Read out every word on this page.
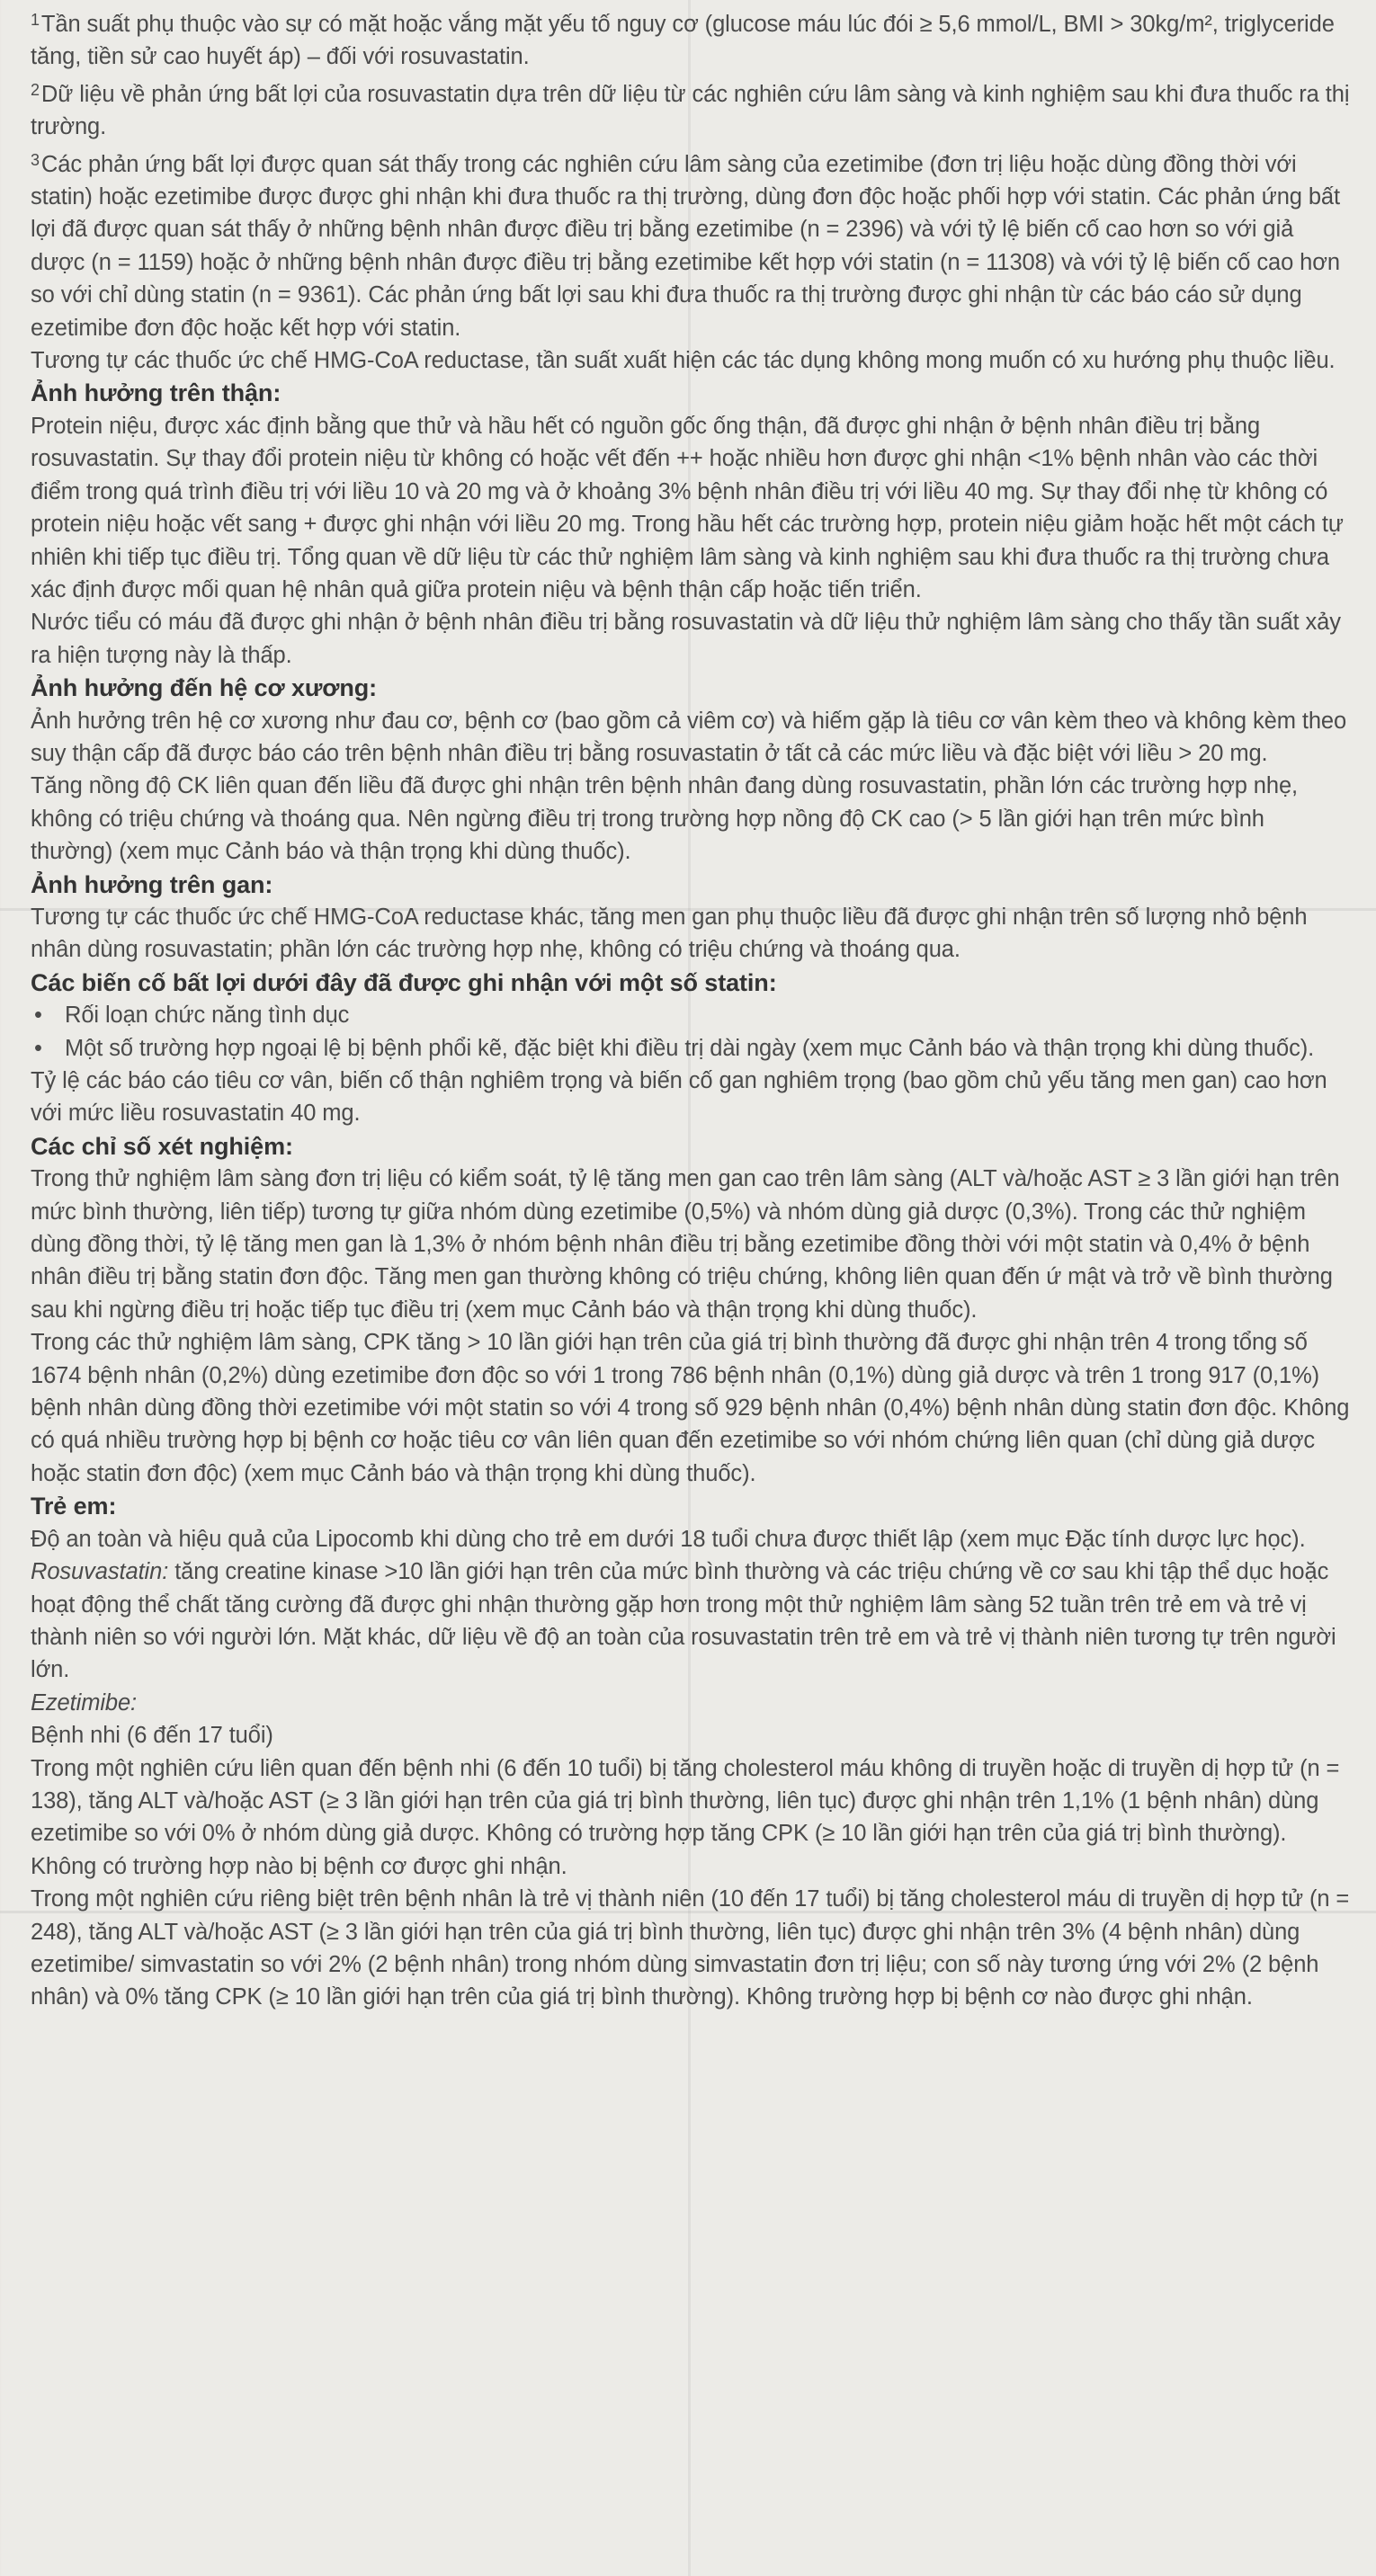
$^1$Tần suất phụ thuộc vào sự có mặt hoặc vắng mặt yếu tố nguy cơ (glucose máu lúc đói ≥ 5,6 mmol/L, BMI > 30kg/m², triglyceride tăng, tiền sử cao huyết áp) – đối với rosuvastatin.

$^2$Dữ liệu về phản ứng bất lợi của rosuvastatin dựa trên dữ liệu từ các nghiên cứu lâm sàng và kinh nghiệm sau khi đưa thuốc ra thị trường.

$^3$Các phản ứng bất lợi được quan sát thấy trong các nghiên cứu lâm sàng của ezetimibe (đơn trị liệu hoặc dùng đồng thời với statin) hoặc ezetimibe được được ghi nhận khi đưa thuốc ra thị trường, dùng đơn độc hoặc phối hợp với statin. Các phản ứng bất lợi đã được quan sát thấy ở những bệnh nhân được điều trị bằng ezetimibe (n = 2396) và với tỷ lệ biến cố cao hơn so với giả dược (n = 1159) hoặc ở những bệnh nhân được điều trị bằng ezetimibe kết hợp với statin (n = 11308) và với tỷ lệ biến cố cao hơn so với chỉ dùng statin (n = 9361). Các phản ứng bất lợi sau khi đưa thuốc ra thị trường được ghi nhận từ các báo cáo sử dụng ezetimibe đơn độc hoặc kết hợp với statin.

Tương tự các thuốc ức chế HMG-CoA reductase, tần suất xuất hiện các tác dụng không mong muốn có xu hướng phụ thuộc liều.

Ảnh hưởng trên thận:

Protein niệu, được xác định bằng que thử và hầu hết có nguồn gốc ống thận, đã được ghi nhận ở bệnh nhân điều trị bằng rosuvastatin. Sự thay đổi protein niệu từ không có hoặc vết đến ++ hoặc nhiều hơn được ghi nhận <1% bệnh nhân vào các thời điểm trong quá trình điều trị với liều 10 và 20 mg và ở khoảng 3% bệnh nhân điều trị với liều 40 mg. Sự thay đổi nhẹ từ không có protein niệu hoặc vết sang + được ghi nhận với liều 20 mg. Trong hầu hết các trường hợp, protein niệu giảm hoặc hết một cách tự nhiên khi tiếp tục điều trị. Tổng quan về dữ liệu từ các thử nghiệm lâm sàng và kinh nghiệm sau khi đưa thuốc ra thị trường chưa xác định được mối quan hệ nhân quả giữa protein niệu và bệnh thận cấp hoặc tiến triển.

Nước tiểu có máu đã được ghi nhận ở bệnh nhân điều trị bằng rosuvastatin và dữ liệu thử nghiệm lâm sàng cho thấy tần suất xảy ra hiện tượng này là thấp.

Ảnh hưởng đến hệ cơ xương:

Ảnh hưởng trên hệ cơ xương như đau cơ, bệnh cơ (bao gồm cả viêm cơ) và hiếm gặp là tiêu cơ vân kèm theo và không kèm theo suy thận cấp đã được báo cáo trên bệnh nhân điều trị bằng rosuvastatin ở tất cả các mức liều và đặc biệt với liều > 20 mg.

Tăng nồng độ CK liên quan đến liều đã được ghi nhận trên bệnh nhân đang dùng rosuvastatin, phần lớn các trường hợp nhẹ, không có triệu chứng và thoáng qua. Nên ngừng điều trị trong trường hợp nồng độ CK cao (> 5 lần giới hạn trên mức bình thường) (xem mục Cảnh báo và thận trọng khi dùng thuốc).

Ảnh hưởng trên gan:

Tương tự các thuốc ức chế HMG-CoA reductase khác, tăng men gan phụ thuộc liều đã được ghi nhận trên số lượng nhỏ bệnh nhân dùng rosuvastatin; phần lớn các trường hợp nhẹ, không có triệu chứng và thoáng qua.

Các biến cố bất lợi dưới đây đã được ghi nhận với một số statin:
• Rối loạn chức năng tình dục
• Một số trường hợp ngoại lệ bị bệnh phổi kẽ, đặc biệt khi điều trị dài ngày (xem mục Cảnh báo và thận trọng khi dùng thuốc).

Tỷ lệ các báo cáo tiêu cơ vân, biến cố thận nghiêm trọng và biến cố gan nghiêm trọng (bao gồm chủ yếu tăng men gan) cao hơn với mức liều rosuvastatin 40 mg.

Các chỉ số xét nghiệm:

Trong thử nghiệm lâm sàng đơn trị liệu có kiểm soát, tỷ lệ tăng men gan cao trên lâm sàng (ALT và/hoặc AST ≥ 3 lần giới hạn trên mức bình thường, liên tiếp) tương tự giữa nhóm dùng ezetimibe (0,5%) và nhóm dùng giả dược (0,3%). Trong các thử nghiệm dùng đồng thời, tỷ lệ tăng men gan là 1,3% ở nhóm bệnh nhân điều trị bằng ezetimibe đồng thời với một statin và 0,4% ở bệnh nhân điều trị bằng statin đơn độc. Tăng men gan thường không có triệu chứng, không liên quan đến ứ mật và trở về bình thường sau khi ngừng điều trị hoặc tiếp tục điều trị (xem mục Cảnh báo và thận trọng khi dùng thuốc).

Trong các thử nghiệm lâm sàng, CPK tăng > 10 lần giới hạn trên của giá trị bình thường đã được ghi nhận trên 4 trong tổng số 1674 bệnh nhân (0,2%) dùng ezetimibe đơn độc so với 1 trong 786 bệnh nhân (0,1%) dùng giả dược và trên 1 trong 917 (0,1%) bệnh nhân dùng đồng thời ezetimibe với một statin so với 4 trong số 929 bệnh nhân (0,4%) bệnh nhân dùng statin đơn độc. Không có quá nhiều trường hợp bị bệnh cơ hoặc tiêu cơ vân liên quan đến ezetimibe so với nhóm chứng liên quan (chỉ dùng giả dược hoặc statin đơn độc) (xem mục Cảnh báo và thận trọng khi dùng thuốc).

Trẻ em:

Độ an toàn và hiệu quả của Lipocomb khi dùng cho trẻ em dưới 18 tuổi chưa được thiết lập (xem mục Đặc tính dược lực học).

Rosuvastatin: tăng creatine kinase >10 lần giới hạn trên của mức bình thường và các triệu chứng về cơ sau khi tập thể dục hoặc hoạt động thể chất tăng cường đã được ghi nhận thường gặp hơn trong một thử nghiệm lâm sàng 52 tuần trên trẻ em và trẻ vị thành niên so với người lớn. Mặt khác, dữ liệu về độ an toàn của rosuvastatin trên trẻ em và trẻ vị thành niên tương tự trên người lớn.

Ezetimibe:

Bệnh nhi (6 đến 17 tuổi)

Trong một nghiên cứu liên quan đến bệnh nhi (6 đến 10 tuổi) bị tăng cholesterol máu không di truyền hoặc di truyền dị hợp tử (n = 138), tăng ALT và/hoặc AST (≥ 3 lần giới hạn trên của giá trị bình thường, liên tục) được ghi nhận trên 1,1% (1 bệnh nhân) dùng ezetimibe so với 0% ở nhóm dùng giả dược. Không có trường hợp tăng CPK (≥ 10 lần giới hạn trên của giá trị bình thường). Không có trường hợp nào bị bệnh cơ được ghi nhận.

Trong một nghiên cứu riêng biệt trên bệnh nhân là trẻ vị thành niên (10 đến 17 tuổi) bị tăng cholesterol máu di truyền dị hợp tử (n = 248), tăng ALT và/hoặc AST (≥ 3 lần giới hạn trên của giá trị bình thường, liên tục) được ghi nhận trên 3% (4 bệnh nhân) dùng ezetimibe/ simvastatin so với 2% (2 bệnh nhân) trong nhóm dùng simvastatin đơn trị liệu; con số này tương ứng với 2% (2 bệnh nhân) và 0% tăng CPK (≥ 10 lần giới hạn trên của giá trị bình thường). Không trường hợp bị bệnh cơ nào được ghi nhận.
